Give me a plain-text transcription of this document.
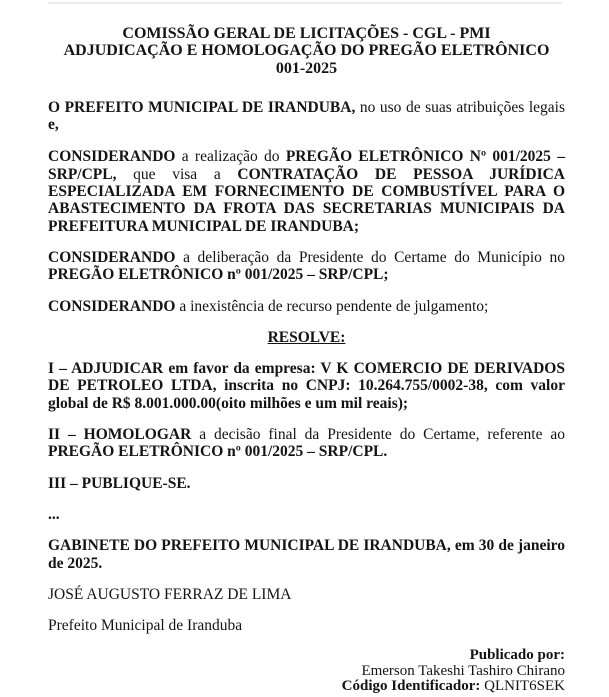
COMISSÃO GERAL DE LICITAÇÕES - CGL - PMI
ADJUDICAÇÃO E HOMOLOGAÇÃO DO PREGÃO ELETRÔNICO
001-2025

O PREFEITO MUNICIPAL DE IRANDUBA, no uso de suas atribuições legais e,

CONSIDERANDO a realização do PREGÃO ELETRÔNICO Nº 001/2025 – SRP/CPL, que visa a CONTRATAÇÃO DE PESSOA JURÍDICA ESPECIALIZADA EM FORNECIMENTO DE COMBUSTÍVEL PARA O ABASTECIMENTO DA FROTA DAS SECRETARIAS MUNICIPAIS DA PREFEITURA MUNICIPAL DE IRANDUBA;

CONSIDERANDO a deliberação da Presidente do Certame do Município no PREGÃO ELETRÔNICO nº 001/2025 – SRP/CPL;

CONSIDERANDO a inexistência de recurso pendente de julgamento;

RESOLVE:

I – ADJUDICAR em favor da empresa: V K COMERCIO DE DERIVADOS DE PETROLEO LTDA, inscrita no CNPJ: 10.264.755/0002-38, com valor global de R$ 8.001.000.00(oito milhões e um mil reais);

II – HOMOLOGAR a decisão final da Presidente do Certame, referente ao PREGÃO ELETRÔNICO nº 001/2025 – SRP/CPL.

III – PUBLIQUE-SE.

...

GABINETE DO PREFEITO MUNICIPAL DE IRANDUBA, em 30 de janeiro de 2025.

JOSÉ AUGUSTO FERRAZ DE LIMA

Prefeito Municipal de Iranduba

Publicado por:
Emerson Takeshi Tashiro Chirano
Código Identificador: QLNIT6SEK
